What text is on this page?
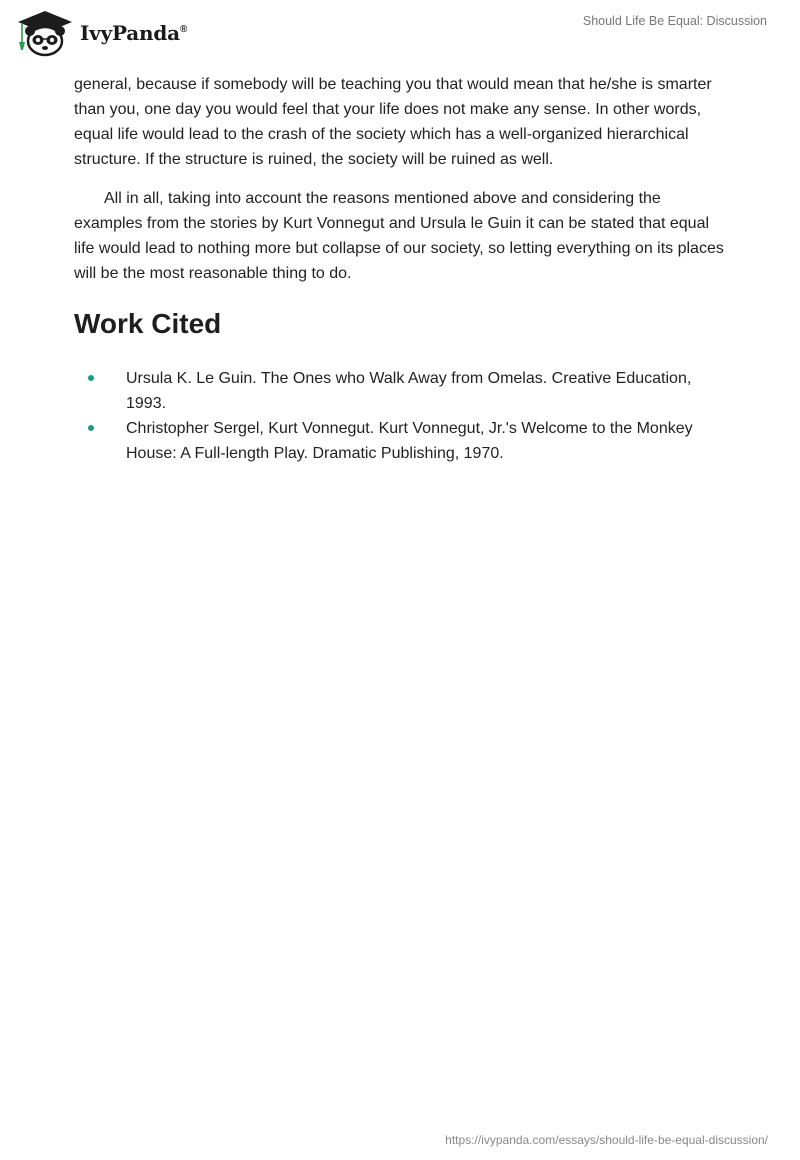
IvyPanda®
Should Life Be Equal: Discussion

general, because if somebody will be teaching you that would mean that he/she is smarter than you, one day you would feel that your life does not make any sense. In other words, equal life would lead to the crash of the society which has a well-organized hierarchical structure. If the structure is ruined, the society will be ruined as well.

All in all, taking into account the reasons mentioned above and considering the examples from the stories by Kurt Vonnegut and Ursula le Guin it can be stated that equal life would lead to nothing more but collapse of our society, so letting everything on its places will be the most reasonable thing to do.

Work Cited
Ursula K. Le Guin. The Ones who Walk Away from Omelas. Creative Education, 1993.
Christopher Sergel, Kurt Vonnegut. Kurt Vonnegut, Jr.'s Welcome to the Monkey House: A Full-length Play. Dramatic Publishing, 1970.
https://ivypanda.com/essays/should-life-be-equal-discussion/
